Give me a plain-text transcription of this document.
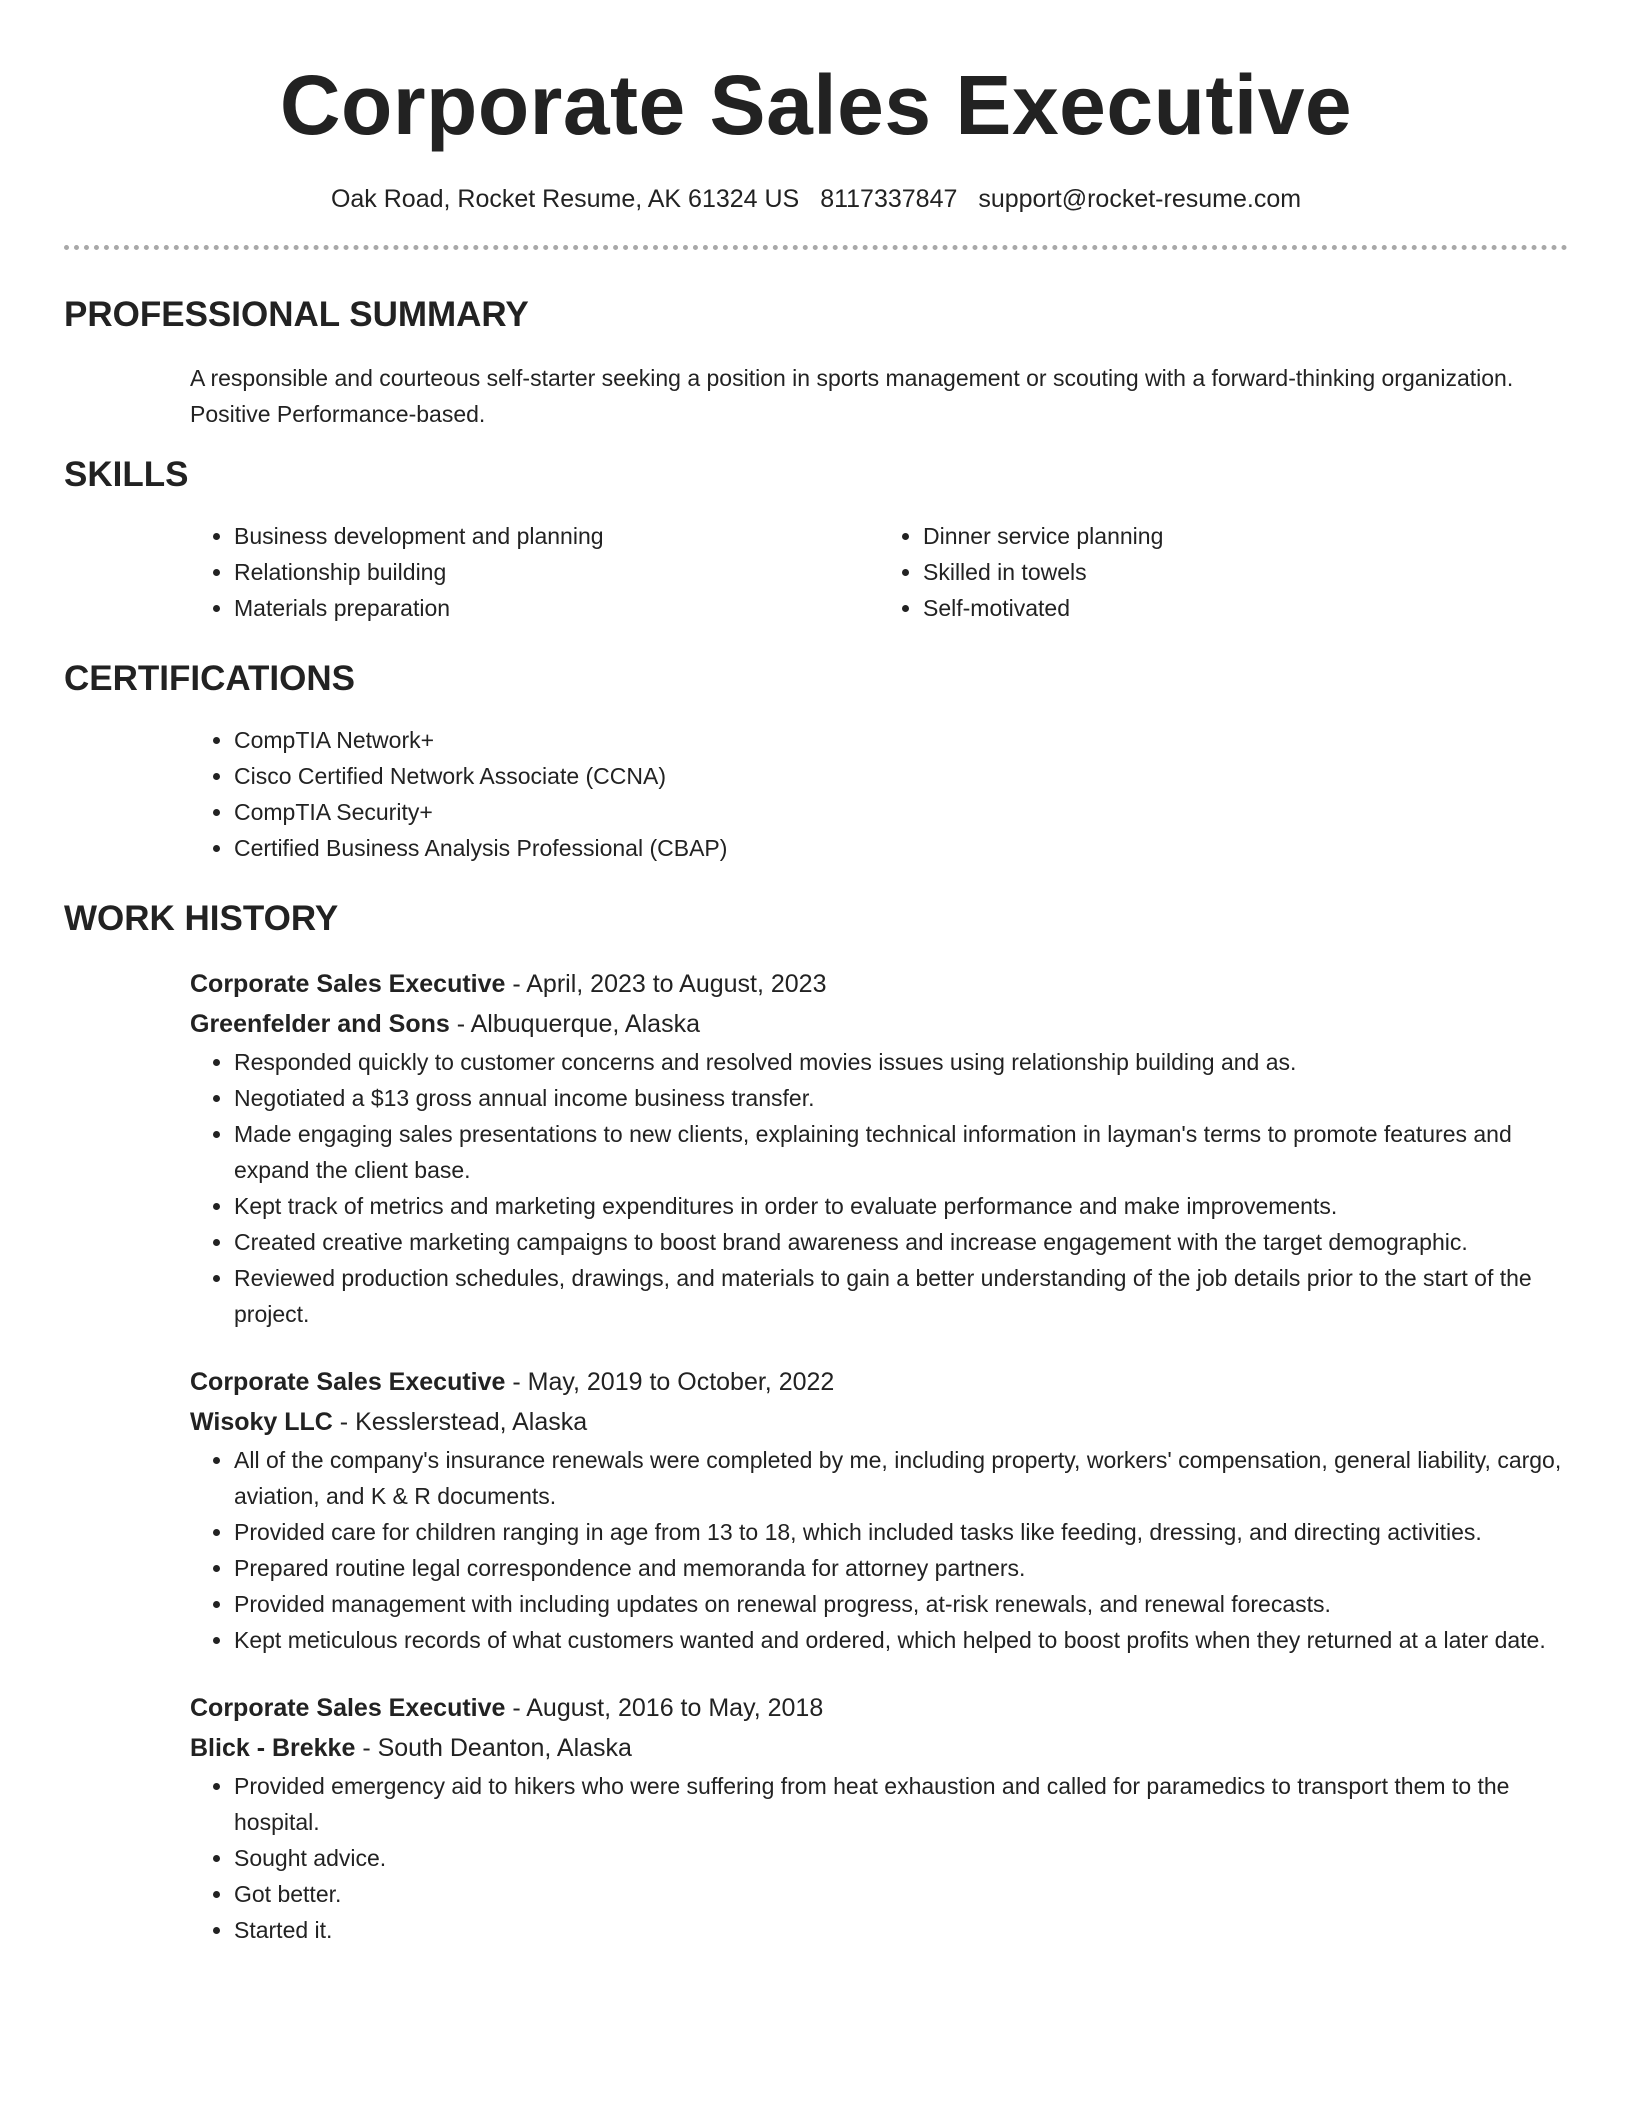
Corporate Sales Executive
Oak Road, Rocket Resume, AK 61324 US 8117337847 support@rocket-resume.com
PROFESSIONAL SUMMARY
A responsible and courteous self-starter seeking a position in sports management or scouting with a forward-thinking organization. Positive Performance-based.
SKILLS
• Business development and planning
• Relationship building
• Materials preparation
• Dinner service planning
• Skilled in towels
• Self-motivated
CERTIFICATIONS
• CompTIA Network+
• Cisco Certified Network Associate (CCNA)
• CompTIA Security+
• Certified Business Analysis Professional (CBAP)
WORK HISTORY
Corporate Sales Executive - April, 2023 to August, 2023
Greenfelder and Sons - Albuquerque, Alaska
• Responded quickly to customer concerns and resolved movies issues using relationship building and as.
• Negotiated a $13 gross annual income business transfer.
• Made engaging sales presentations to new clients, explaining technical information in layman's terms to promote features and expand the client base.
• Kept track of metrics and marketing expenditures in order to evaluate performance and make improvements.
• Created creative marketing campaigns to boost brand awareness and increase engagement with the target demographic.
• Reviewed production schedules, drawings, and materials to gain a better understanding of the job details prior to the start of the project.
Corporate Sales Executive - May, 2019 to October, 2022
Wisoky LLC - Kesslerstead, Alaska
• All of the company's insurance renewals were completed by me, including property, workers' compensation, general liability, cargo, aviation, and K & R documents.
• Provided care for children ranging in age from 13 to 18, which included tasks like feeding, dressing, and directing activities.
• Prepared routine legal correspondence and memoranda for attorney partners.
• Provided management with including updates on renewal progress, at-risk renewals, and renewal forecasts.
• Kept meticulous records of what customers wanted and ordered, which helped to boost profits when they returned at a later date.
Corporate Sales Executive - August, 2016 to May, 2018
Blick - Brekke - South Deanton, Alaska
• Provided emergency aid to hikers who were suffering from heat exhaustion and called for paramedics to transport them to the hospital.
• Sought advice.
• Got better.
• Started it.
